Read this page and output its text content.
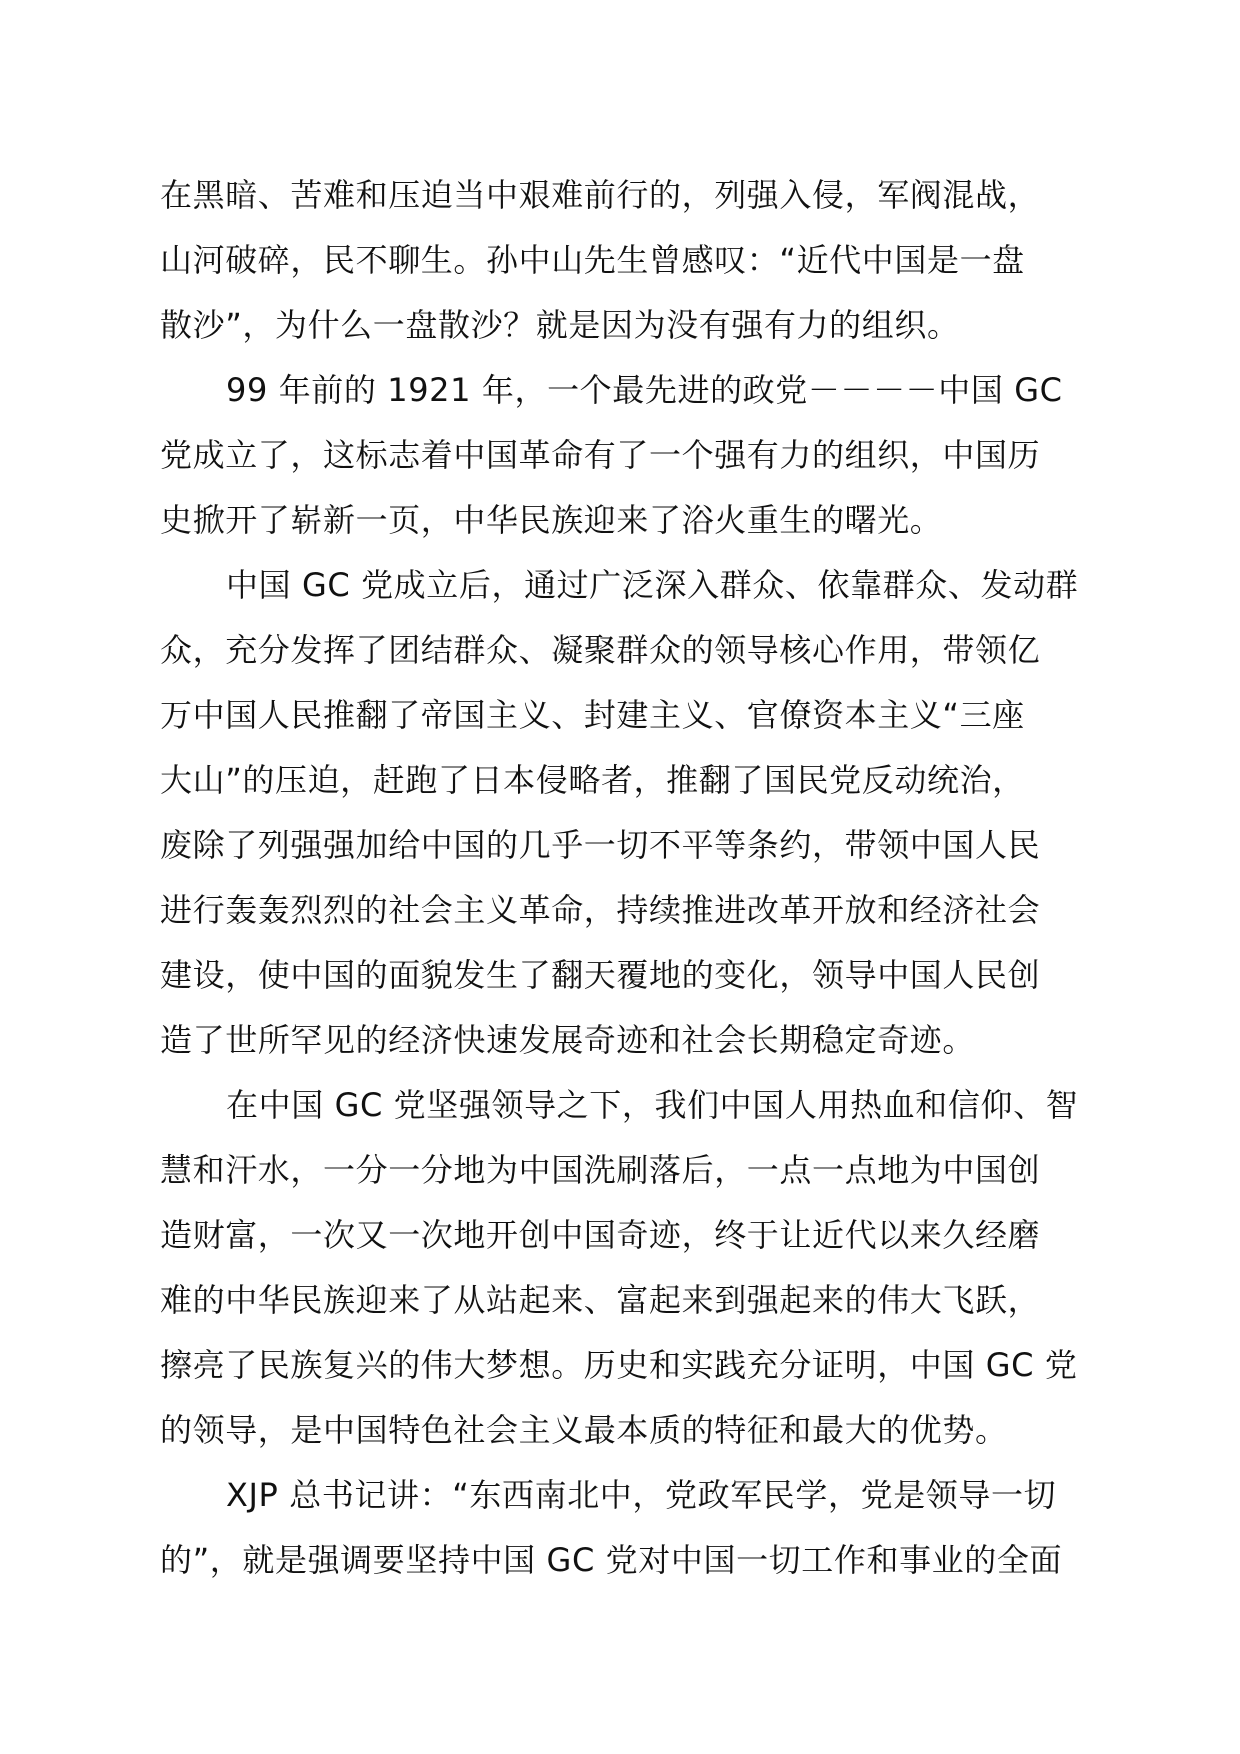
在黑暗、苦难和压迫当中艰难前行的，列强入侵，军阀混战，
山河破碎，民不聊生。孙中山先生曾感叹：“近代中国是一盘
散沙”，为什么一盘散沙？就是因为没有强有力的组织。
99 年前的 1921 年，一个最先进的政党－－－－中国 GC
党成立了，这标志着中国革命有了一个强有力的组织，中国历
史掀开了崭新一页，中华民族迎来了浴火重生的曙光。
中国 GC 党成立后，通过广泛深入群众、依靠群众、发动群
众，充分发挥了团结群众、凝聚群众的领导核心作用，带领亿
万中国人民推翻了帝国主义、封建主义、官僚资本主义“三座
大山”的压迫，赶跑了日本侵略者，推翻了国民党反动统治，
废除了列强强加给中国的几乎一切不平等条约，带领中国人民
进行轰轰烈烈的社会主义革命，持续推进改革开放和经济社会
建设，使中国的面貌发生了翻天覆地的变化，领导中国人民创
造了世所罕见的经济快速发展奇迹和社会长期稳定奇迹。
在中国 GC 党坚强领导之下，我们中国人用热血和信仰、智
慧和汗水，一分一分地为中国洗刷落后，一点一点地为中国创
造财富，一次又一次地开创中国奇迹，终于让近代以来久经磨
难的中华民族迎来了从站起来、富起来到强起来的伟大飞跃，
擦亮了民族复兴的伟大梦想。历史和实践充分证明，中国 GC 党
的领导，是中国特色社会主义最本质的特征和最大的优势。
XJP 总书记讲：“东西南北中，党政军民学，党是领导一切
的”，就是强调要坚持中国 GC 党对中国一切工作和事业的全面
